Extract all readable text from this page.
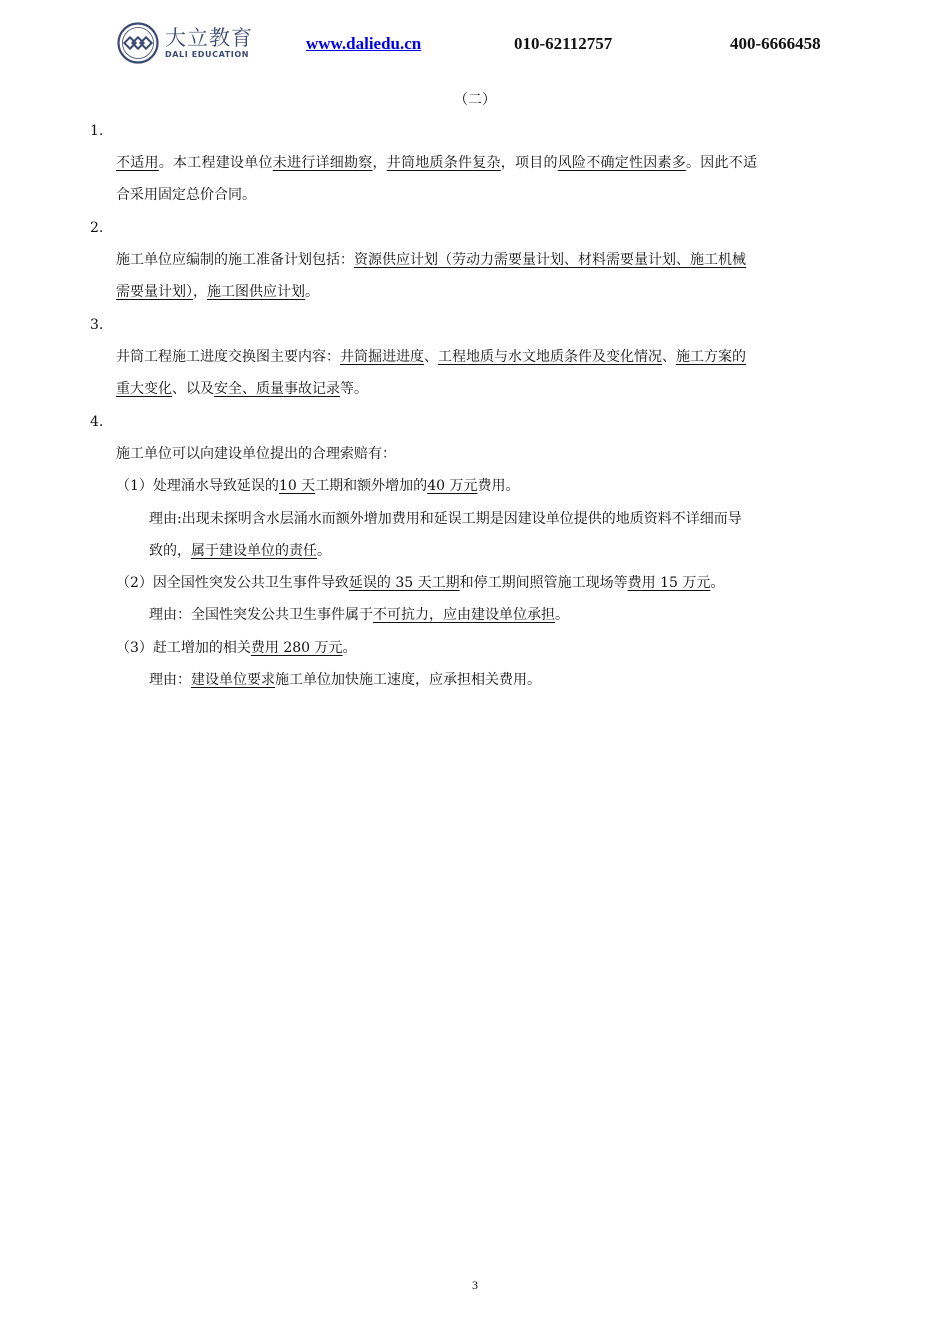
大立教育
DALI EDUCATION
www.daliedu.cn	010-62112757	400-6666458
（二）
1.
不适用。本工程建设单位未进行详细勘察，井筒地质条件复杂，项目的风险不确定性因素多。因此不适
合采用固定总价合同。
2.
施工单位应编制的施工准备计划包括：资源供应计划（劳动力需要量计划、材料需要量计划、施工机械
需要量计划），施工图供应计划。
3.
井筒工程施工进度交换图主要内容：井筒掘进进度、工程地质与水文地质条件及变化情况、施工方案的
重大变化、以及安全、质量事故记录等。
4.
施工单位可以向建设单位提出的合理索赔有：
（1）处理涌水导致延误的10 天工期和额外增加的40 万元费用。
理由:出现未探明含水层涌水而额外增加费用和延误工期是因建设单位提供的地质资料不详细而导
致的，属于建设单位的责任。
（2）因全国性突发公共卫生事件导致延误的 35 天工期和停工期间照管施工现场等费用 15 万元。
理由：全国性突发公共卫生事件属于不可抗力，应由建设单位承担。
（3）赶工增加的相关费用 280 万元。
理由：建设单位要求施工单位加快施工速度，应承担相关费用。
3
